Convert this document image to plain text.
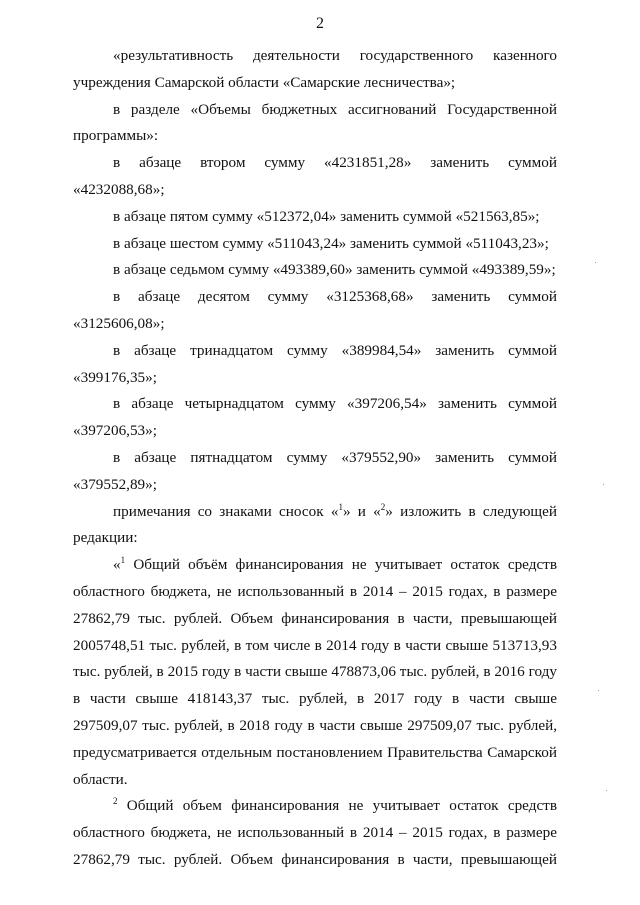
2

«результативность деятельности государственного казенного учреждения Самарской области «Самарские лесничества»;

в разделе «Объемы бюджетных ассигнований Государственной программы»:

в абзаце втором сумму «4231851,28» заменить суммой «4232088,68»;

в абзаце пятом сумму «512372,04» заменить суммой «521563,85»;

в абзаце шестом сумму «511043,24» заменить суммой «511043,23»;

в абзаце седьмом сумму «493389,60» заменить суммой «493389,59»;

в абзаце десятом сумму «3125368,68» заменить суммой «3125606,08»;

в абзаце тринадцатом сумму «389984,54» заменить суммой «399176,35»;

в абзаце четырнадцатом сумму «397206,54» заменить суммой «397206,53»;

в абзаце пятнадцатом сумму «379552,90» заменить суммой «379552,89»;

примечания со знаками сносок «$^1$» и «$^2$» изложить в следующей редакции:

«$^1$ Общий объём финансирования не учитывает остаток средств областного бюджета, не использованный в 2014 – 2015 годах, в размере 27862,79 тыс. рублей. Объем финансирования в части, превышающей 2005748,51 тыс. рублей, в том числе в 2014 году в части свыше 513713,93 тыс. рублей, в 2015 году в части свыше 478873,06 тыс. рублей, в 2016 году в части свыше 418143,37 тыс. рублей, в 2017 году в части свыше 297509,07 тыс. рублей, в 2018 году в части свыше 297509,07 тыс. рублей, предусматривается отдельным постановлением Правительства Самарской области.

$^2$ Общий объем финансирования не учитывает остаток средств областного бюджета, не использованный в 2014 – 2015 годах, в размере 27862,79 тыс. рублей. Объем финансирования в части, превышающей
